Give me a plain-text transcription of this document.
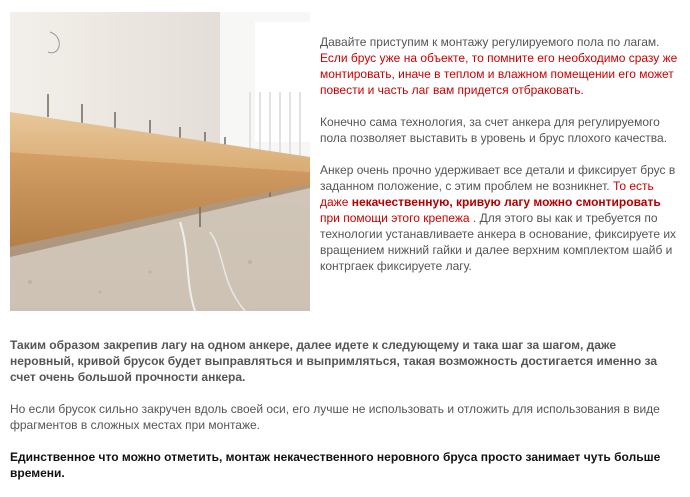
Давайте приступим к монтажу регулируемого пола по лагам. Если брус уже на объекте, то помните его необходимо сразу же монтировать, иначе в теплом и влажном помещении его может повести и часть лаг вам придется отбраковать.

Конечно сама технология, за счет анкера для регулируемого пола позволяет выставить в уровень и брус плохого качества.

Анкер очень прочно удерживает все детали и фиксирует брус в заданном положение, с этим проблем не возникнет. То есть даже некачественную, кривую лагу можно смонтировать при помощи этого крепежа . Для этого вы как и требуется по технологии устанавливаете анкера в основание, фиксируете их вращением нижний гайки и далее верхним комплектом шайб и контргаек фиксируете лагу.

Таким образом закрепив лагу на одном анкере, далее идете к следующему и така шаг за шагом, даже неровный, кривой брусок будет выправляться и выпримляться, такая возможность достигается именно за счет очень большой прочности анкера.

Но если брусок сильно закручен вдоль своей оси, его лучше не использовать и отложить для использования в виде фрагментов в сложных местах при монтаже.

Единственное что можно отметить, монтаж некачественного неровного бруса просто занимает чуть больше времени.
